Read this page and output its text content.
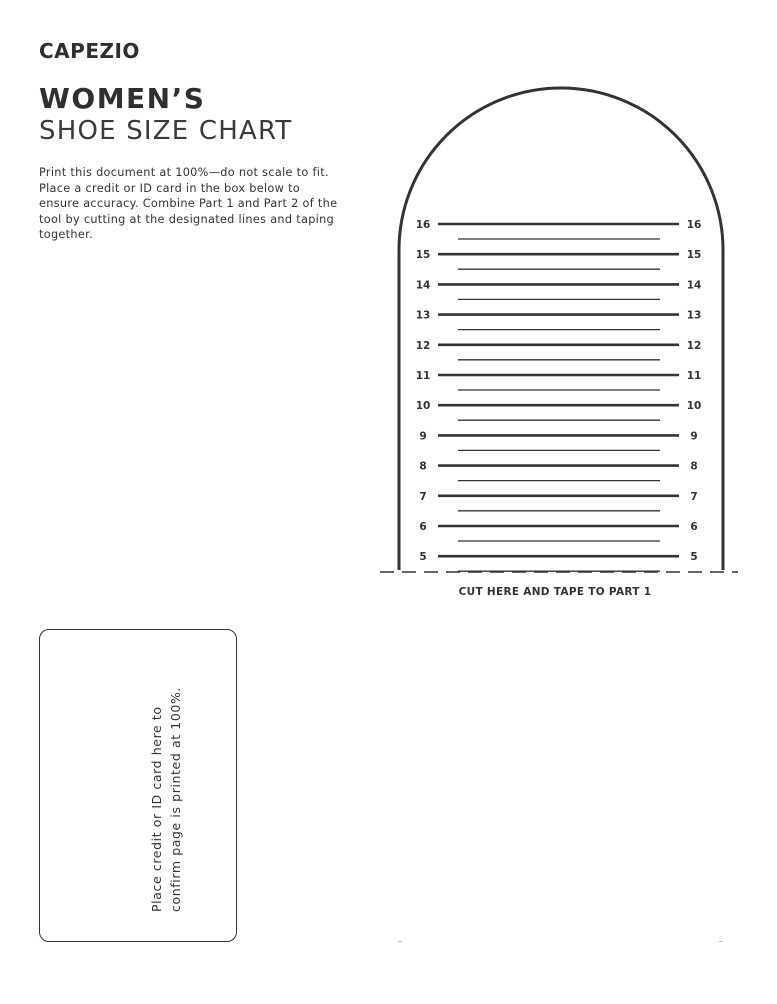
CAPEZIO
WOMEN’S
SHOE SIZE CHART
Print this document at 100%—do not scale to fit. Place a credit or ID card in the box below to ensure accuracy. Combine Part 1 and Part 2 of the tool by cutting at the designated lines and taping together.
16	16
15	15
14	14
13	13
12	12
11	11
10	10
9	9
8	8
7	7
6	6
5	5
CUT HERE AND TAPE TO PART 1
Place credit or ID card here to confirm page is printed at 100%.
